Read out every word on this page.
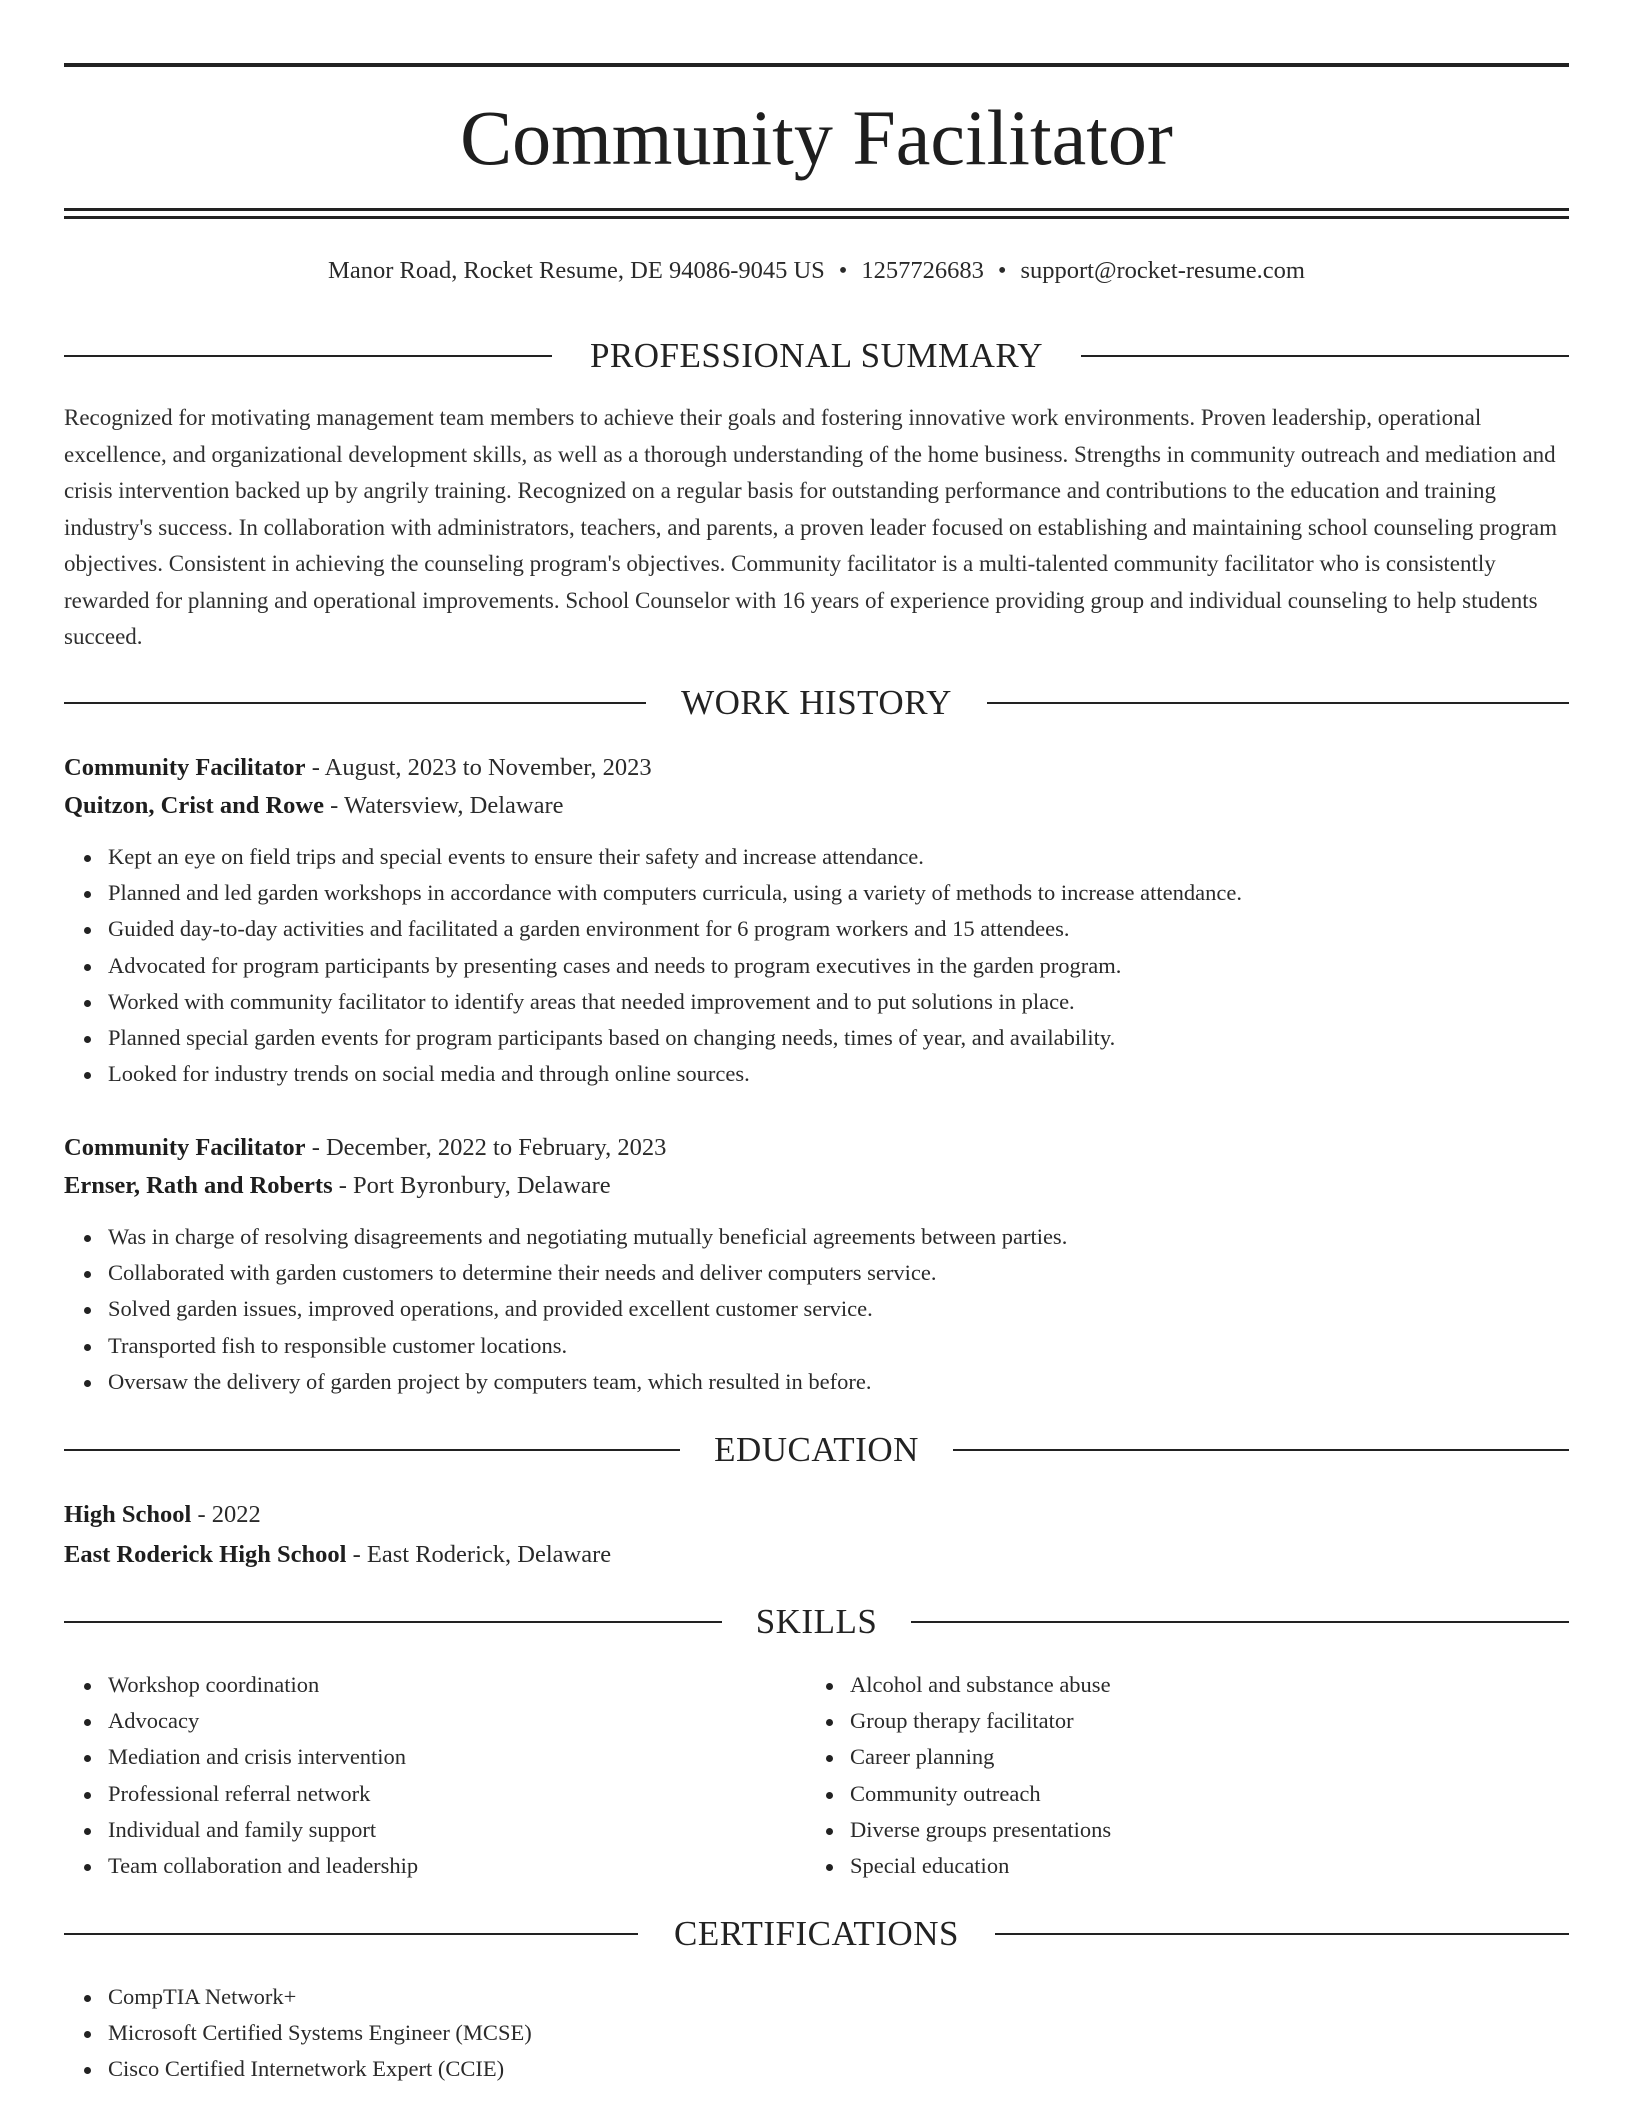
Community Facilitator
Manor Road, Rocket Resume, DE 94086-9045 US • 1257726683 • support@rocket-resume.com
PROFESSIONAL SUMMARY

Recognized for motivating management team members to achieve their goals and fostering innovative work environments. Proven leadership, operational excellence, and organizational development skills, as well as a thorough understanding of the home business. Strengths in community outreach and mediation and crisis intervention backed up by angrily training. Recognized on a regular basis for outstanding performance and contributions to the education and training industry's success. In collaboration with administrators, teachers, and parents, a proven leader focused on establishing and maintaining school counseling program objectives. Consistent in achieving the counseling program's objectives. Community facilitator is a multi-talented community facilitator who is consistently rewarded for planning and operational improvements. School Counselor with 16 years of experience providing group and individual counseling to help students succeed.

WORK HISTORY
Community Facilitator - August, 2023 to November, 2023
Quitzon, Crist and Rowe - Watersview, Delaware
Kept an eye on field trips and special events to ensure their safety and increase attendance.
Planned and led garden workshops in accordance with computers curricula, using a variety of methods to increase attendance.
Guided day-to-day activities and facilitated a garden environment for 6 program workers and 15 attendees.
Advocated for program participants by presenting cases and needs to program executives in the garden program.
Worked with community facilitator to identify areas that needed improvement and to put solutions in place.
Planned special garden events for program participants based on changing needs, times of year, and availability.
Looked for industry trends on social media and through online sources.
Community Facilitator - December, 2022 to February, 2023
Ernser, Rath and Roberts - Port Byronbury, Delaware
Was in charge of resolving disagreements and negotiating mutually beneficial agreements between parties.
Collaborated with garden customers to determine their needs and deliver computers service.
Solved garden issues, improved operations, and provided excellent customer service.
Transported fish to responsible customer locations.
Oversaw the delivery of garden project by computers team, which resulted in before.
EDUCATION
High School - 2022
East Roderick High School - East Roderick, Delaware
SKILLS
Workshop coordination
Advocacy
Mediation and crisis intervention
Professional referral network
Individual and family support
Team collaboration and leadership
Alcohol and substance abuse
Group therapy facilitator
Career planning
Community outreach
Diverse groups presentations
Special education
CERTIFICATIONS
CompTIA Network+
Microsoft Certified Systems Engineer (MCSE)
Cisco Certified Internetwork Expert (CCIE)
